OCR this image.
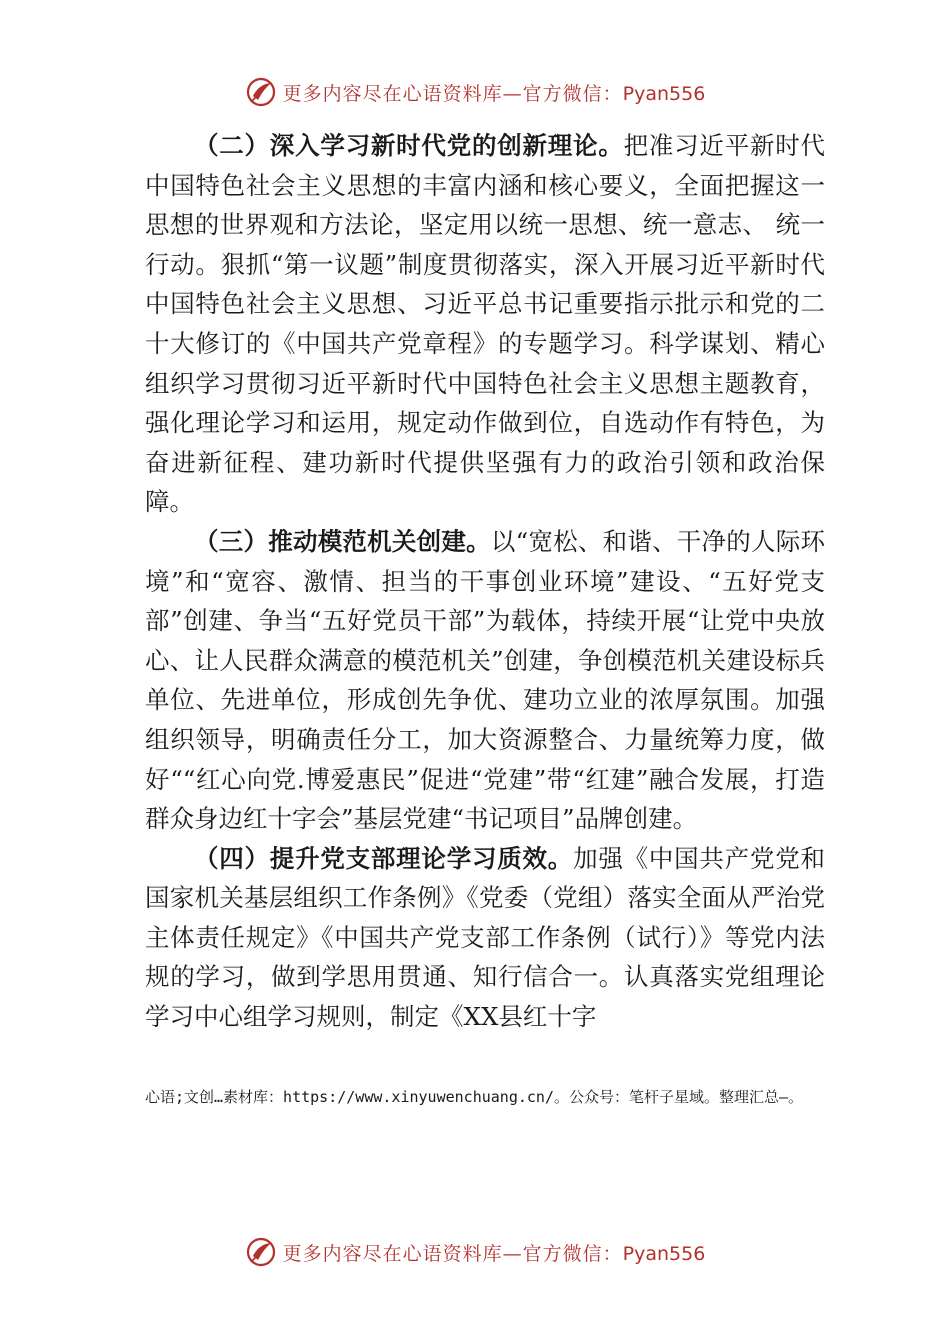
更多内容尽在心语资料库—官方微信：Pyan556

（二）深入学习新时代党的创新理论。把准习近平新时代中国特色社会主义思想的丰富内涵和核心要义，全面把握这一思想的世界观和方法论，坚定用以统一思想、统一意志、 统一行动。狠抓“第一议题”制度贯彻落实，深入开展习近平新时代中国特色社会主义思想、习近平总书记重要指示批示和党的二十大修订的《中国共产党章程》的专题学习。科学谋划、精心组织学习贯彻习近平新时代中国特色社会主义思想主题教育，强化理论学习和运用，规定动作做到位，自选动作有特色，为奋进新征程、建功新时代提供坚强有力的政治引领和政治保障。

（三）推动模范机关创建。以“宽松、和谐、干净的人际环境”和“宽容、激情、担当的干事创业环境”建设、“五好党支部”创建、争当“五好党员干部”为载体，持续开展“让党中央放心、让人民群众满意的模范机关”创建，争创模范机关建设标兵单位、先进单位，形成创先争优、建功立业的浓厚氛围。加强组织领导，明确责任分工，加大资源整合、力量统筹力度，做好““红心向党.博爱惠民”促进“党建”带“红建”融合发展，打造群众身边红十字会”基层党建“书记项目”品牌创建。

（四）提升党支部理论学习质效。加强《中国共产党党和国家机关基层组织工作条例》《党委（党组）落实全面从严治党主体责任规定》《中国共产党支部工作条例（试行）》等党内法规的学习，做到学思用贯通、知行信合一。认真落实党组理论学习中心组学习规则，制定《XX县红十字

心语;文创…素材库：https://www.xinyuwenchuang.cn/。公众号：笔杆子星域。整理汇总—。
更多内容尽在心语资料库—官方微信：Pyan556
